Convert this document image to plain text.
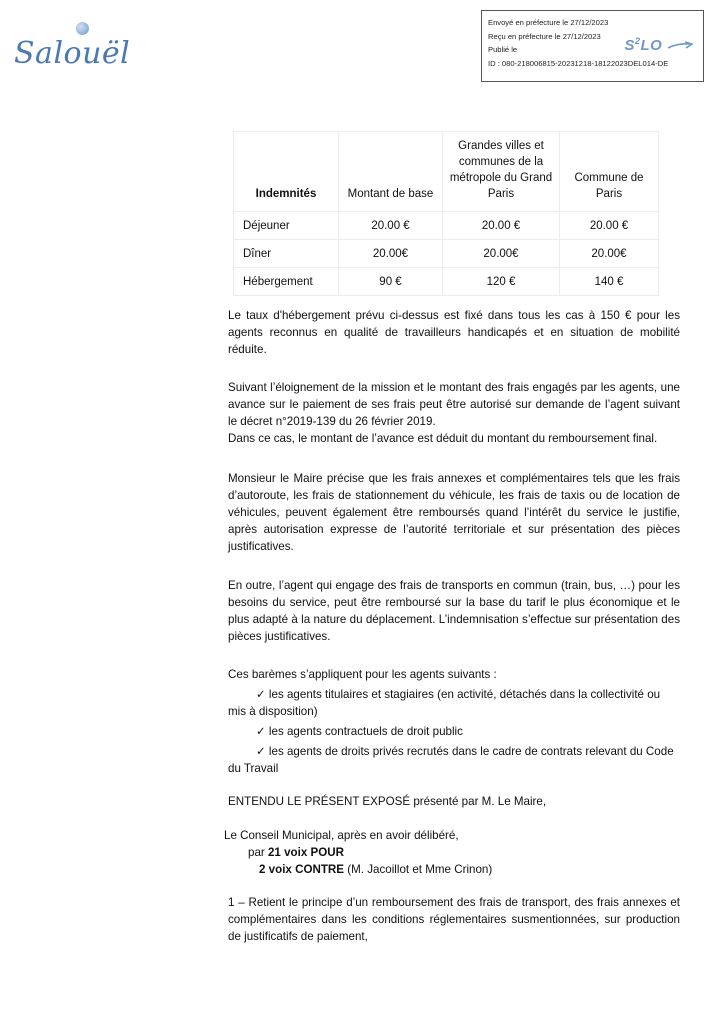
Salouël
Envoyé en préfecture le 27/12/2023
Reçu en préfecture le 27/12/2023
Publié le
ID : 080-218006815-20231218-18122023DEL014-DE
$S^2LO$
Indemnités	Montant de base	Grandes villes et communes de la métropole du Grand Paris	Commune de Paris
Déjeuner	20.00 €	20.00 €	20.00 €
Dîner	20.00€	20.00€	20.00€
Hébergement	90 €	120 €	140 €

Le taux d'hébergement prévu ci-dessus est fixé dans tous les cas à 150 € pour les agents reconnus en qualité de travailleurs handicapés et en situation de mobilité réduite.

Suivant l’éloignement de la mission et le montant des frais engagés par les agents, une avance sur le paiement de ses frais peut être autorisé sur demande de l’agent suivant le décret n°2019-139 du 26 février 2019.

Dans ce cas, le montant de l’avance est déduit du montant du remboursement final.

Monsieur le Maire précise que les frais annexes et complémentaires tels que les frais d’autoroute, les frais de stationnement du véhicule, les frais de taxis ou de location de véhicules, peuvent également être remboursés quand l’intérêt du service le justifie, après autorisation expresse de l’autorité territoriale et sur présentation des pièces justificatives.

En outre, l’agent qui engage des frais de transports en commun (train, bus, …) pour les besoins du service, peut être remboursé sur la base du tarif le plus économique et le plus adapté à la nature du déplacement. L’indemnisation s’effectue sur présentation des pièces justificatives.

Ces barèmes s’appliquent pour les agents suivants :

✓ les agents titulaires et stagiaires (en activité, détachés dans la collectivité ou
mis à disposition)
✓ les agents contractuels de droit public
✓ les agents de droits privés recrutés dans le cadre de contrats relevant du Code
du Travail
ENTENDU LE PRÉSENT EXPOSÉ présenté par M. Le Maire,
Le Conseil Municipal, après en avoir délibéré,
par 21 voix POUR
2 voix CONTRE (M. Jacoillot et Mme Crinon)

1 – Retient le principe d’un remboursement des frais de transport, des frais annexes et complémentaires dans les conditions réglementaires susmentionnées, sur production de justificatifs de paiement,
